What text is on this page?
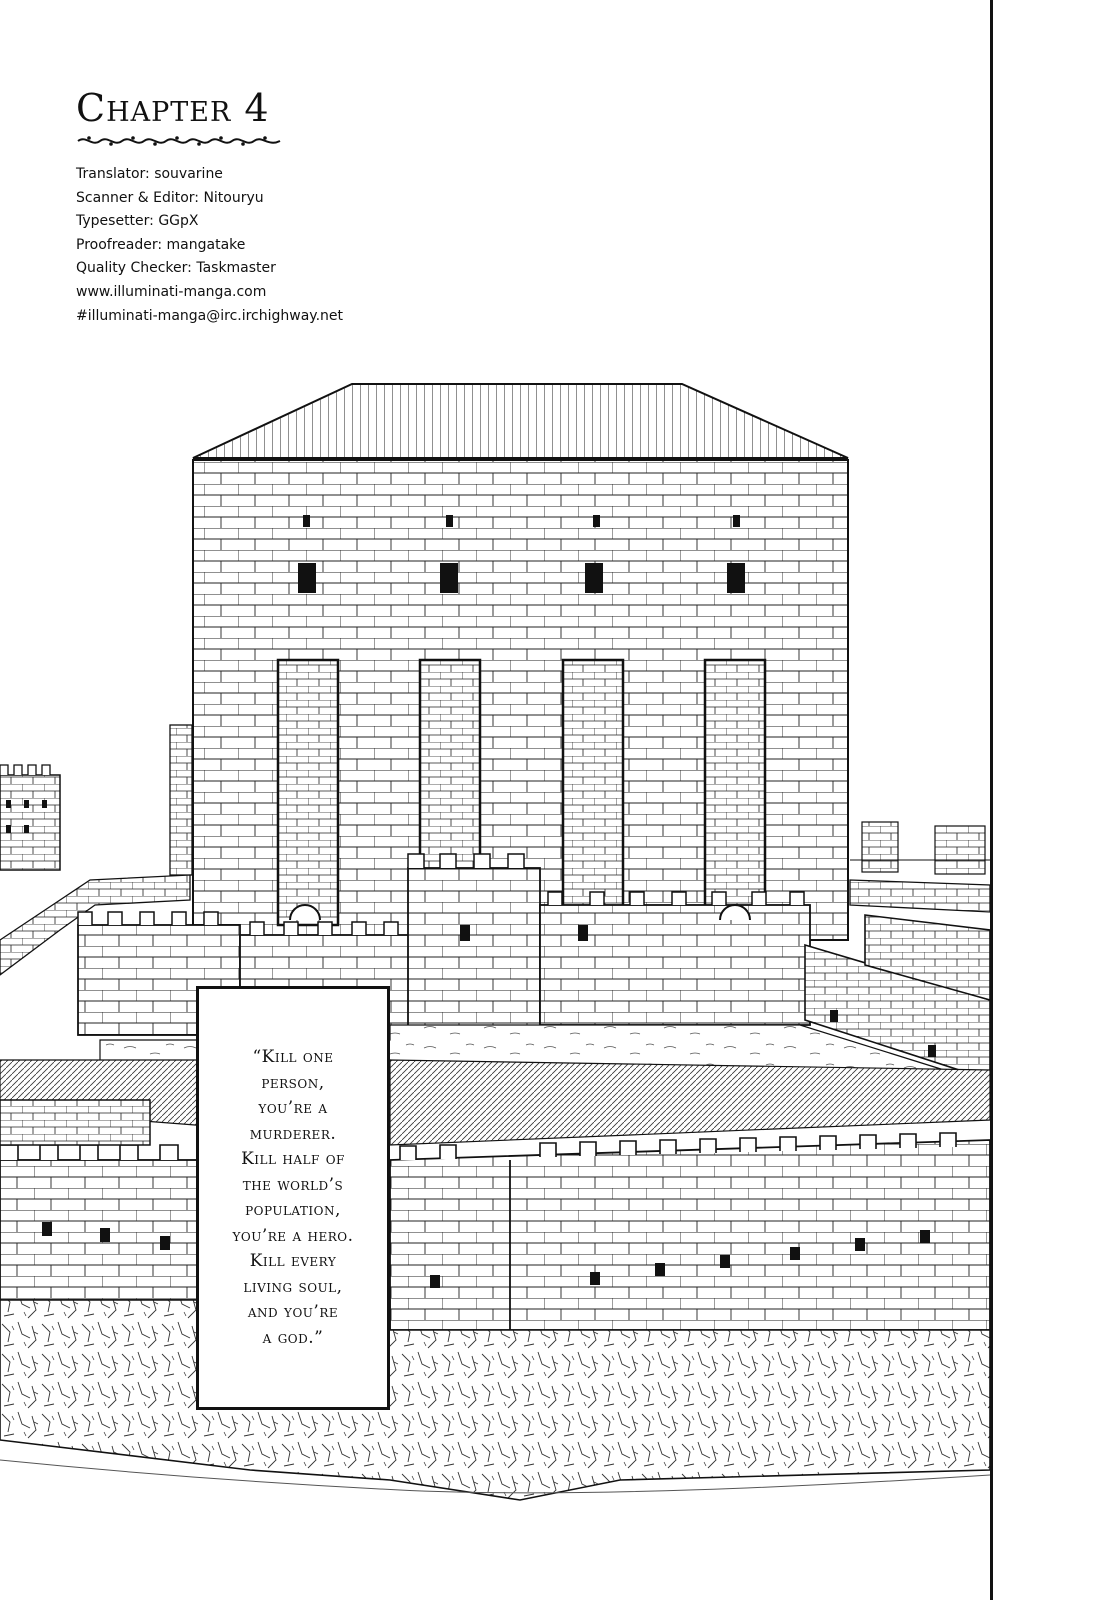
Chapter 4
Translator: souvarine
Scanner & Editor: Nitouryu
Typesetter: GGpX
Proofreader: mangatake
Quality Checker: Taskmaster
www.illuminati-manga.com
#illuminati-manga@irc.irchighway.net

“Kill one
person,
you’re a
murderer.
Kill half of
the world’s
population,
you’re a hero.
Kill every
living soul,
and you’re
a god.”
